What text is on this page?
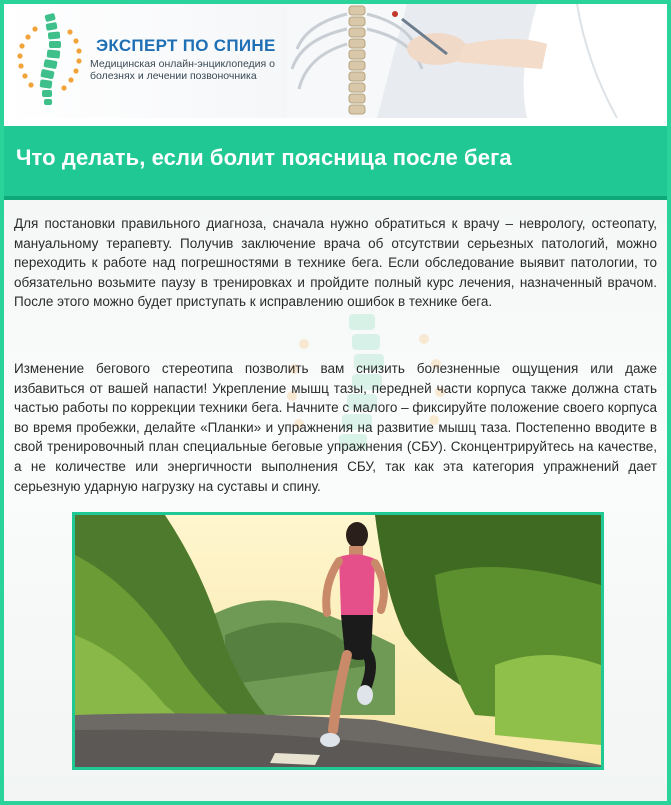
ЭКСПЕРТ ПО СПИНЕ
Медицинская онлайн-энциклопедия о болезнях и лечении позвоночника
Что делать, если болит поясница после бега

Для постановки правильного диагноза, сначала нужно обратиться к врачу – неврологу, остеопату, мануальному терапевту. Получив заключение врача об отсутствии серьезных патологий, можно переходить к работе над погрешностями в технике бега. Если обследование выявит патологии, то обязательно возьмите паузу в тренировках и пройдите полный курс лечения, назначенный врачом. После этого можно будет приступать к исправлению ошибок в технике бега.

Изменение бегового стереотипа позволить вам снизить болезненные ощущения или даже избавиться от вашей напасти! Укрепление мышц тазы, передней части корпуса также должна стать частью работы по коррекции техники бега. Начните с малого – фиксируйте положение своего корпуса во время пробежки, делайте «Планки» и упражнения на развитие мышц таза. Постепенно вводите в свой тренировочный план специальные беговые упражнения (СБУ). Сконцентрируйтесь на качестве, а не количестве или энергичности выполнения СБУ, так как эта категория упражнений дает серьезную ударную нагрузку на суставы и спину.
